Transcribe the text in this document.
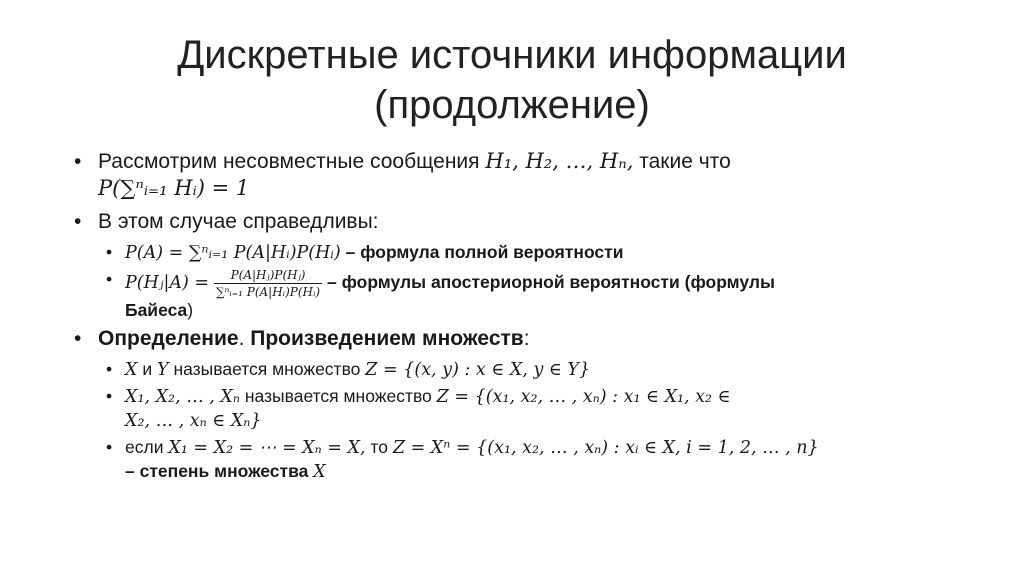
Дискретные источники информации
(продолжение)
• Рассмотрим несовместные сообщения H₁, H₂, …, Hₙ, такие что
P(∑ⁿᵢ₌₁ Hᵢ) = 1
• В этом случае справедливы:
• P(A) = ∑ⁿᵢ₌₁ P(A|Hᵢ)P(Hᵢ) – формула полной вероятности
• P(Hⱼ|A) = $\frac{\text{P(A|Hⱼ)P(Hⱼ)}}{\text{∑ⁿᵢ₌₁ P(A|Hᵢ)P(Hᵢ)}}$ – формулы апостериорной вероятности (формулы
Байеса)
• Определение. Произведением множеств:
• X и Y называется множество Z = {(x, y) : x ∈ X, y ∈ Y}
• X₁, X₂, … , Xₙ называется множество Z = {(x₁, x₂, … , xₙ) : x₁ ∈ X₁, x₂ ∈
X₂, … , xₙ ∈ Xₙ}
• если X₁ = X₂ = ⋯ = Xₙ = X, то Z = Xⁿ = {(x₁, x₂, … , xₙ) : xᵢ ∈ X, i = 1, 2, … , n}
– степень множества X
